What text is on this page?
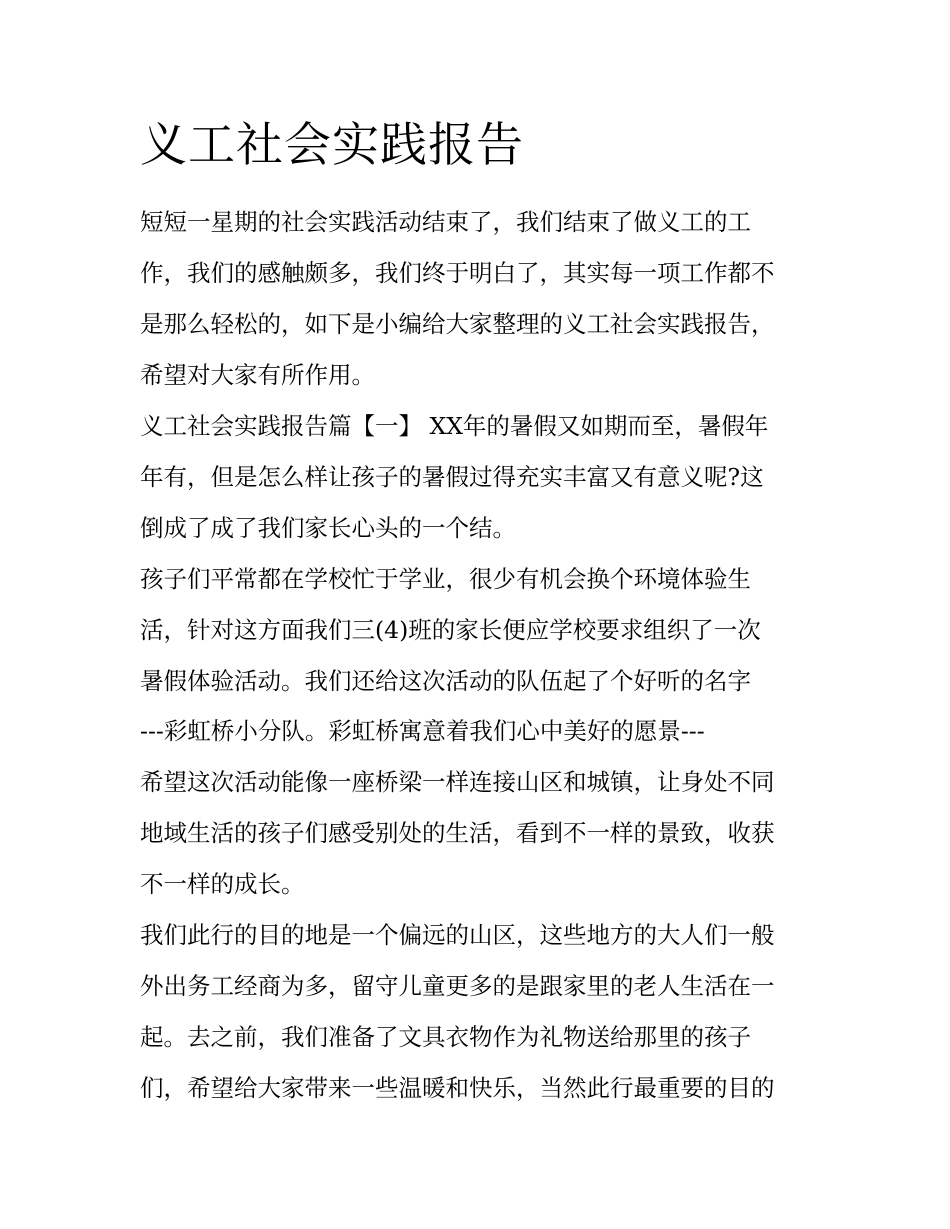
义工社会实践报告

短短一星期的社会实践活动结束了，我们结束了做义工的工

作，我们的感触颇多，我们终于明白了，其实每一项工作都不

是那么轻松的，如下是小编给大家整理的义工社会实践报告，

希望对大家有所作用。

义工社会实践报告篇【一】 XX年的暑假又如期而至，暑假年

年有，但是怎么样让孩子的暑假过得充实丰富又有意义呢?这

倒成了成了我们家长心头的一个结。

孩子们平常都在学校忙于学业，很少有机会换个环境体验生

活，针对这方面我们三(4)班的家长便应学校要求组织了一次

暑假体验活动。我们还给这次活动的队伍起了个好听的名字

---彩虹桥小分队。彩虹桥寓意着我们心中美好的愿景---

希望这次活动能像一座桥梁一样连接山区和城镇，让身处不同

地域生活的孩子们感受别处的生活，看到不一样的景致，收获

不一样的成长。

我们此行的目的地是一个偏远的山区，这些地方的大人们一般

外出务工经商为多，留守儿童更多的是跟家里的老人生活在一

起。去之前，我们准备了文具衣物作为礼物送给那里的孩子

们，希望给大家带来一些温暖和快乐，当然此行最重要的目的
